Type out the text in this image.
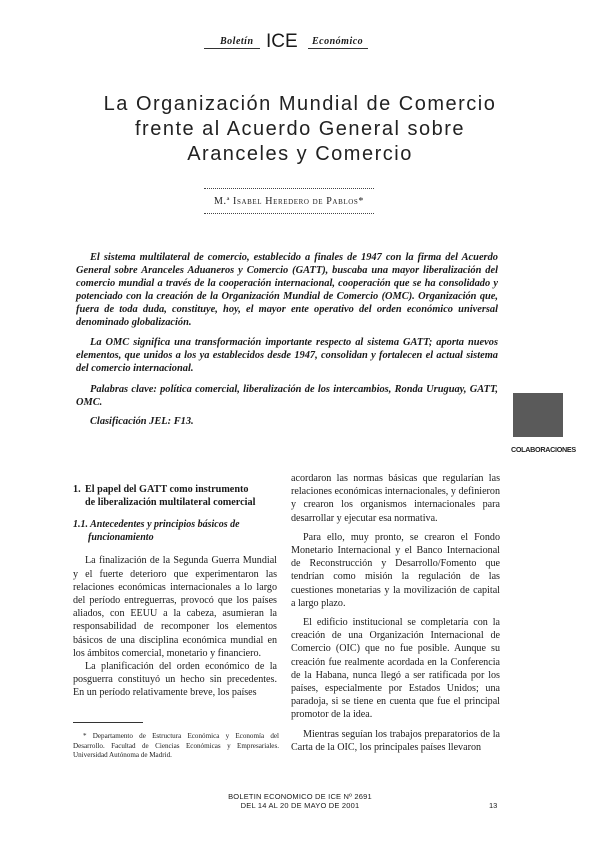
Boletín ICE Económico
La Organización Mundial de Comercio
frente al Acuerdo General sobre
Aranceles y Comercio
M.ª Isabel Heredero de Pablos*

El sistema multilateral de comercio, establecido a finales de 1947 con la firma del Acuerdo General sobre Aranceles Aduaneros y Comercio (GATT), buscaba una mayor liberalización del comercio mundial a través de la cooperación internacional, cooperación que se ha consolidado y potenciado con la creación de la Organización Mundial de Comercio (OMC). Organización que, fuera de toda duda, constituye, hoy, el mayor ente operativo del orden económico universal denominado globalización.

La OMC significa una transformación importante respecto al sistema GATT; aporta nuevos elementos, que unidos a los ya establecidos desde 1947, consolidan y fortalecen el actual sistema del comercio internacional.

Palabras clave: política comercial, liberalización de los intercambios, Ronda Uruguay, GATT, OMC.

Clasificación JEL: F13.

COLABORACIONES
1. El papel del GATT como instrumento
de liberalización multilateral comercial
1.1. Antecedentes y principios básicos de
funcionamiento

La finalización de la Segunda Guerra Mundial y el fuerte deterioro que experimentaron las relaciones económicas internacionales a lo largo del período entreguerras, provocó que los países aliados, con EEUU a la cabeza, asumieran la responsabilidad de recomponer los elementos básicos de una disciplina económica mundial en los ámbitos comercial, monetario y financiero.

La planificación del orden económico de la posguerra constituyó un hecho sin precedentes. En un período relativamente breve, los países

acordaron las normas básicas que regularían las relaciones económicas internacionales, y definieron y crearon los organismos internacionales para desarrollar y ejecutar esa normativa.

Para ello, muy pronto, se crearon el Fondo Monetario Internacional y el Banco Internacional de Reconstrucción y Desarrollo/Fomento que tendrían como misión la regulación de las cuestiones monetarias y la movilización de capital a largo plazo.

El edificio institucional se completaría con la creación de una Organización Internacional de Comercio (OIC) que no fue posible. Aunque su creación fue realmente acordada en la Conferencia de la Habana, nunca llegó a ser ratificada por los países, especialmente por Estados Unidos; una paradoja, si se tiene en cuenta que fue el principal promotor de la idea.

Mientras seguían los trabajos preparatorios de la Carta de la OIC, los principales países llevaron

* Departamento de Estructura Económica y Economía del Desarrollo. Facultad de Ciencias Económicas y Empresariales. Universidad Autónoma de Madrid.

BOLETIN ECONOMICO DE ICE Nº 2691
DEL 14 AL 20 DE MAYO DE 2001	13
